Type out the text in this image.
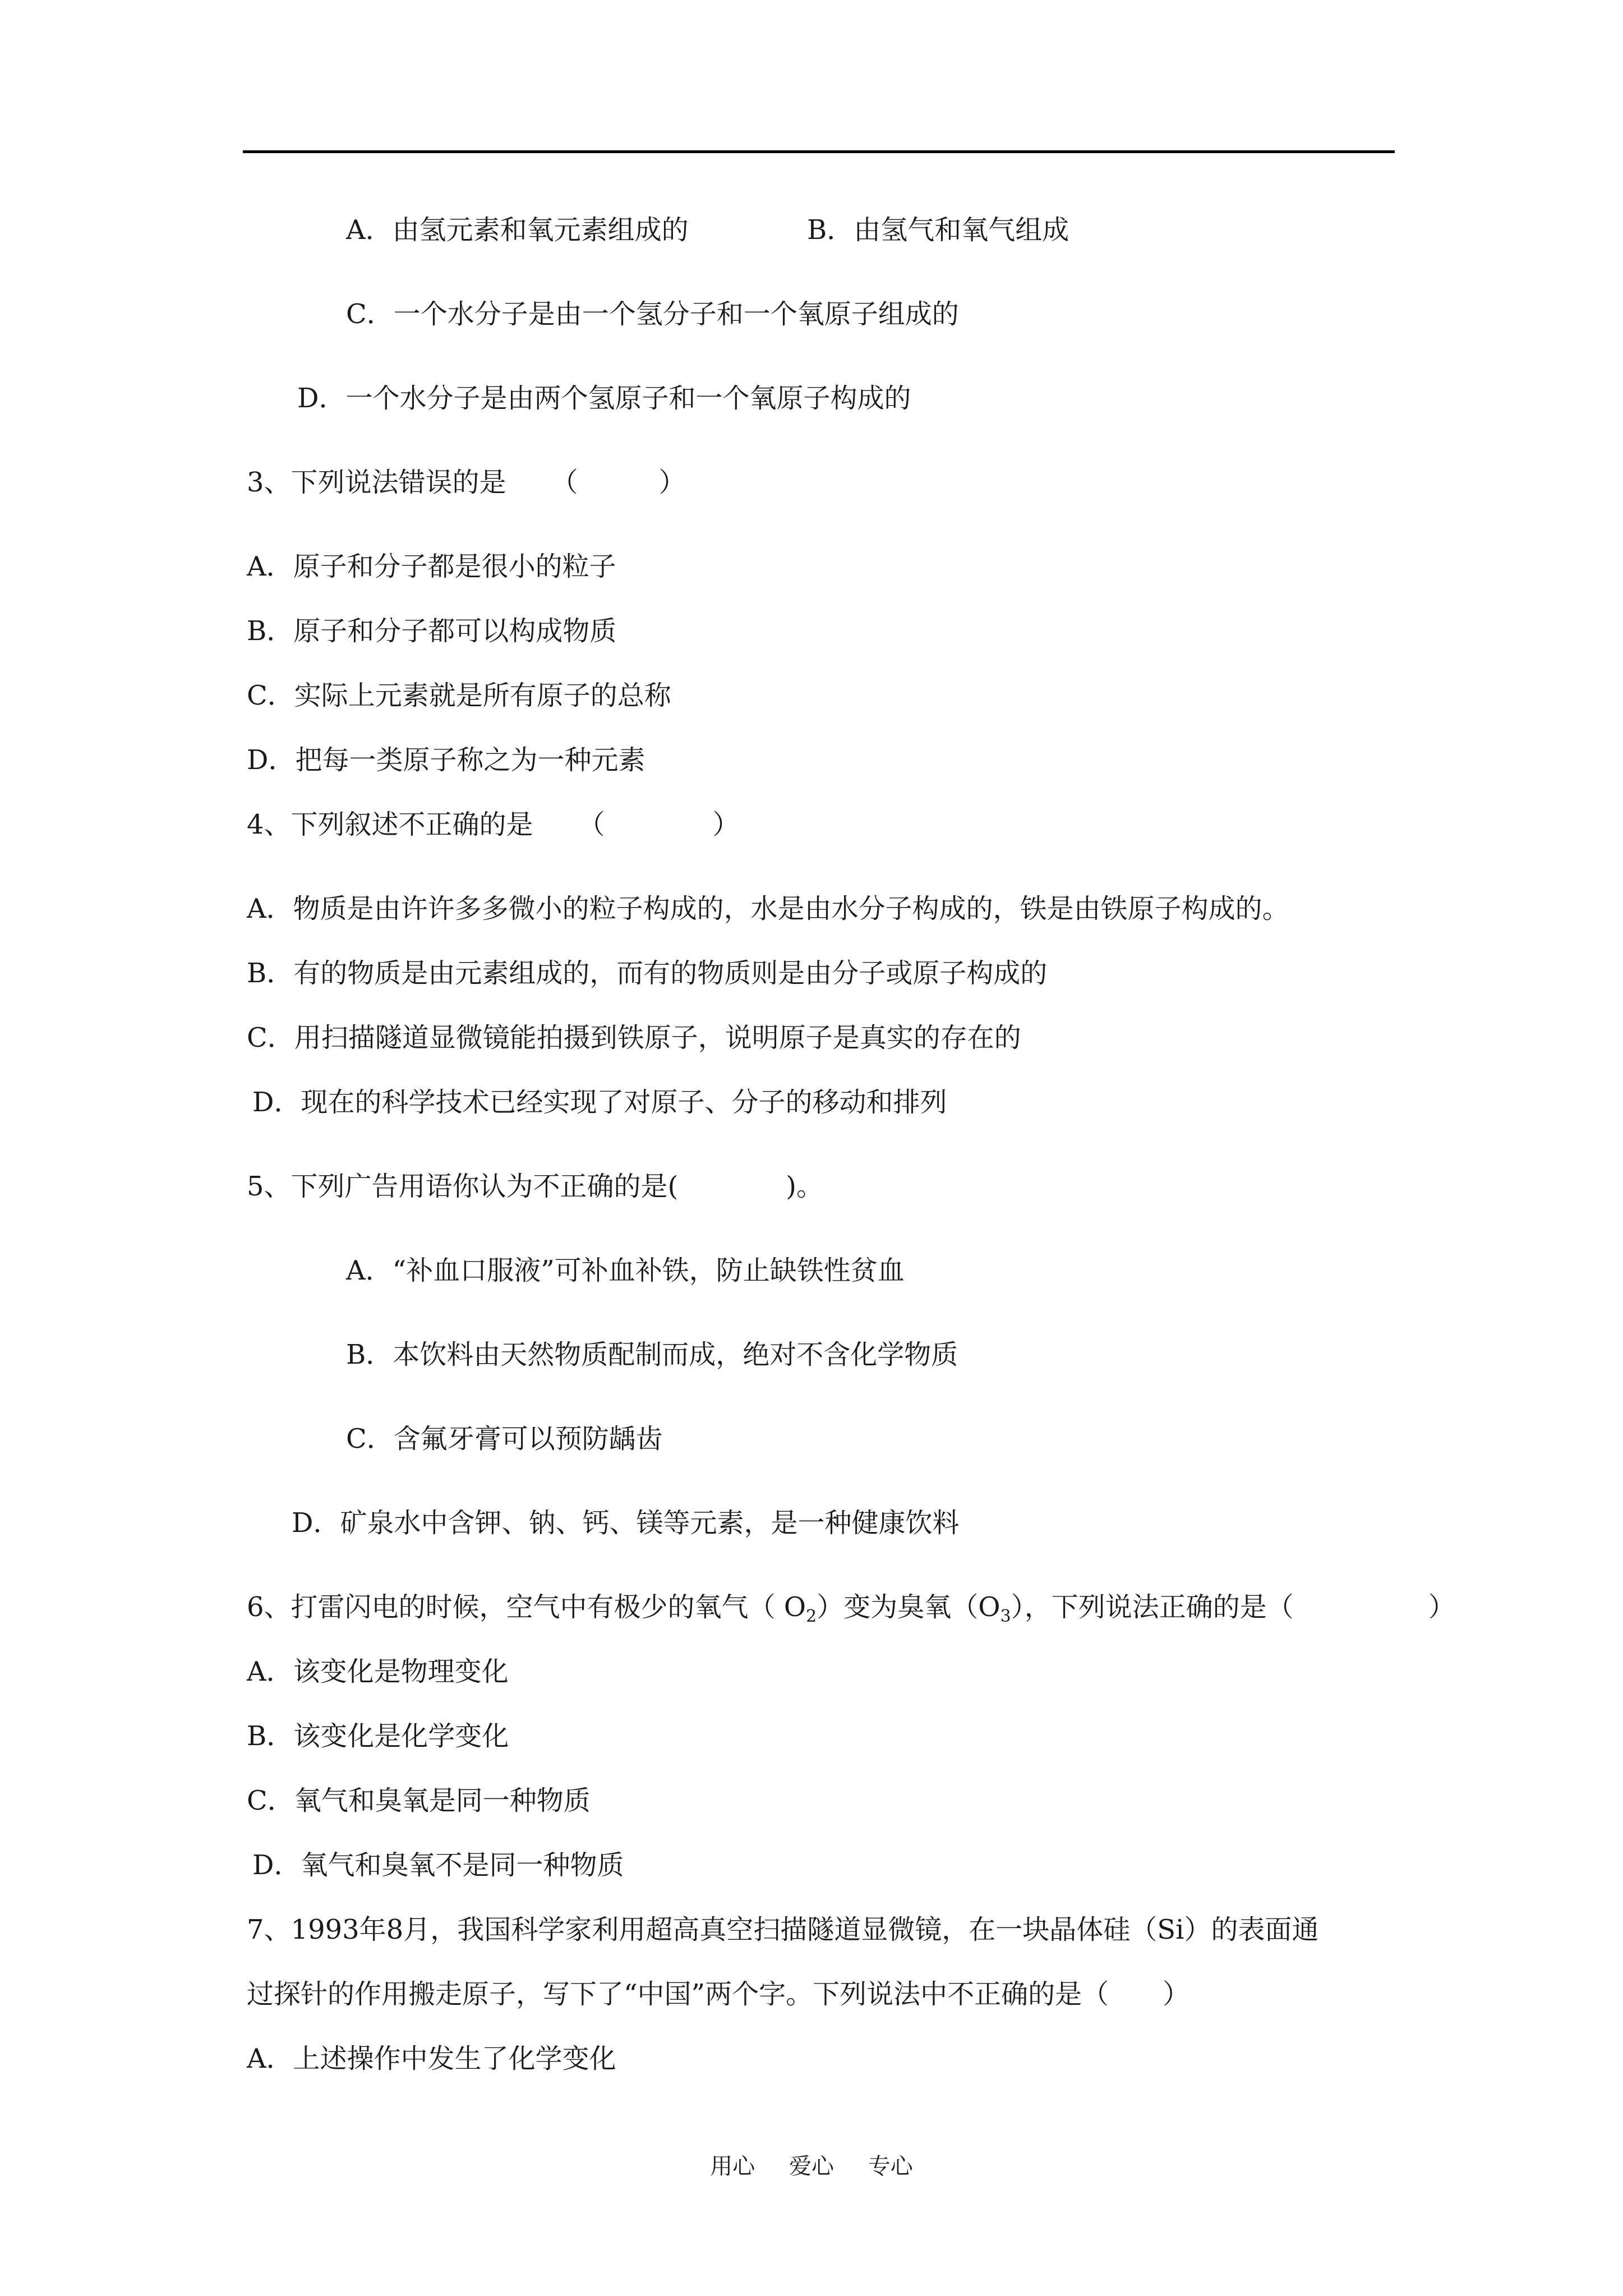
A．由氢元素和氧元素组成的	B．由氢气和氧气组成
C．一个水分子是由一个氢分子和一个氧原子组成的
D．一个水分子是由两个氢原子和一个氧原子构成的
3、下列说法错误的是 （　　　）
A．原子和分子都是很小的粒子
B．原子和分子都可以构成物质
C．实际上元素就是所有原子的总称
D．把每一类原子称之为一种元素
4、下列叙述不正确的是 （　　　　）
A．物质是由许许多多微小的粒子构成的，水是由水分子构成的，铁是由铁原子构成的。
B．有的物质是由元素组成的，而有的物质则是由分子或原子构成的
C．用扫描隧道显微镜能拍摄到铁原子，说明原子是真实的存在的
D．现在的科学技术已经实现了对原子、分子的移动和排列
5、下列广告用语你认为不正确的是(　　　　)。
A．“补血口服液”可补血补铁，防止缺铁性贫血
B．本饮料由天然物质配制而成，绝对不含化学物质
C．含氟牙膏可以预防龋齿
D．矿泉水中含钾、钠、钙、镁等元素，是一种健康饮料
6、打雷闪电的时候，空气中有极少的氧气（ $O_2$）变为臭氧$(O_3)$，下列说法正确的是（　　　　　）
A．该变化是物理变化
B．该变化是化学变化
C．氧气和臭氧是同一种物质
D．氧气和臭氧不是同一种物质
7、1993年8月，我国科学家利用超高真空扫描隧道显微镜，在一块晶体硅（Si）的表面通
过探针的作用搬走原子，写下了“中国”两个字。下列说法中不正确的是（　　）
A．上述操作中发生了化学变化
用心 爱心 专心
